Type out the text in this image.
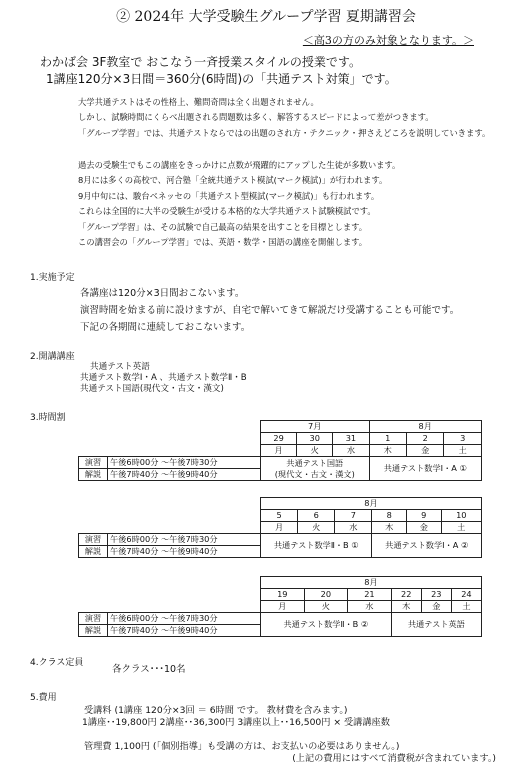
② 2024年 大学受験生グループ学習 夏期講習会
＜高3の方のみ対象となります。＞
わかば会 3F教室で おこなう一斉授業スタイルの授業です。
1講座120分×3日間＝360分(6時間)の「共通テスト対策」です。
大学共通テストはその性格上、難問奇問は全く出題されません。
しかし、試験時間にくらべ出題される問題数は多く、解答するスピードによって差がつきます。
「グループ学習」では、共通テストならではの出題のされ方・テクニック・押さえどころを説明していきます。
過去の受験生でもこの講座をきっかけに点数が飛躍的にアップした生徒が多数います。
8月には多くの高校で、河合塾「全統共通テスト模試(マーク模試)」が行われます。
9月中旬には、駿台ベネッセの「共通テスト型模試(マーク模試)」も行われます。
これらは全国的に大半の受験生が受ける本格的な大学共通テスト試験模試です。
「グループ学習」は、その試験で自己最高の結果を出すことを目標とします。
この講習会の「グループ学習」では、英語・数学・国語の講座を開催します。
1.実施予定
各講座は120分×3日間おこないます。
演習時間を始まる前に設けますが、自宅で解いてきて解説だけ受講することも可能です。
下記の各期間に連続しておこないます。
2.開講講座
共通テスト英語
共通テスト数学Ⅰ・A 、共通テスト数学Ⅱ・B
共通テスト国語(現代文・古文・漢文)
3.時間割
		7月			8月		
		29	30	31	1	2	3
		月	火	水	木	金	土
演習	午後6時00分 ～午後7時30分	共通テスト国語
(現代文・古文・漢文)			共通テスト数学Ⅰ・A ①		
解説	午後7時40分 ～午後9時40分						
		8月					
		5	6	7	8	9	10
		月	火	水	木	金	土
演習	午後6時00分 ～午後7時30分	共通テスト数学Ⅱ・B ①			共通テスト数学Ⅰ・A ②		
解説	午後7時40分 ～午後9時40分						
		8月					
		19	20	21	22	23	24
		月	火	水	木	金	土
演習	午後6時00分 ～午後7時30分	共通テスト数学Ⅱ・B ②			共通テスト英語		
解説	午後7時40分 ～午後9時40分						
4.クラス定員
各クラス･･･10名
5.費用
受講料 (1講座 120分×3回 ＝ 6時間 です。 教材費を含みます。)
1講座･･19,800円 2講座･･36,300円 3講座以上･･16,500円 × 受講講座数
管理費 1,100円 (「個別指導」も受講の方は、お支払いの必要はありません。)
(上記の費用にはすべて消費税が含まれています。)
